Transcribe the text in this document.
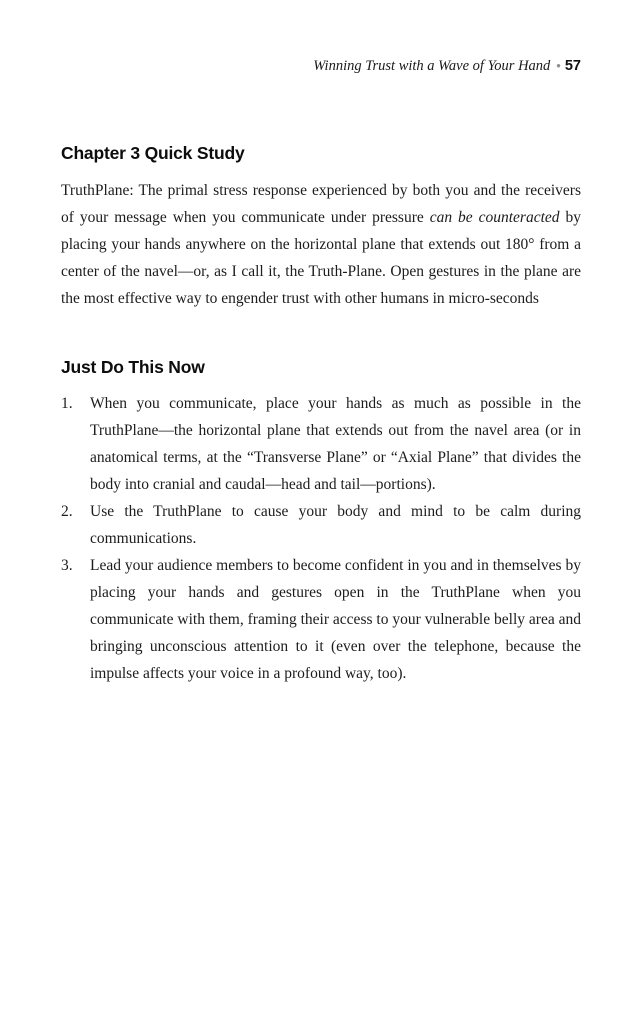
Winning Trust with a Wave of Your Hand • 57
Chapter 3 Quick Study

TruthPlane: The primal stress response experienced by both you and the receivers of your message when you communicate under pressure can be counteracted by placing your hands anywhere on the horizontal plane that extends out 180° from a center of the navel—or, as I call it, the Truth-Plane. Open gestures in the plane are the most effective way to engender trust with other humans in micro-seconds

Just Do This Now
1.	When you communicate, place your hands as much as possible in the TruthPlane—the horizontal plane that extends out from the navel area (or in anatomical terms, at the “Transverse Plane” or “Axial Plane” that divides the body into cranial and caudal—head and tail—portions).
2.	Use the TruthPlane to cause your body and mind to be calm during communications.
3.	Lead your audience members to become confident in you and in themselves by placing your hands and gestures open in the TruthPlane when you communicate with them, framing their access to your vulnerable belly area and bringing unconscious attention to it (even over the telephone, because the impulse affects your voice in a profound way, too).
